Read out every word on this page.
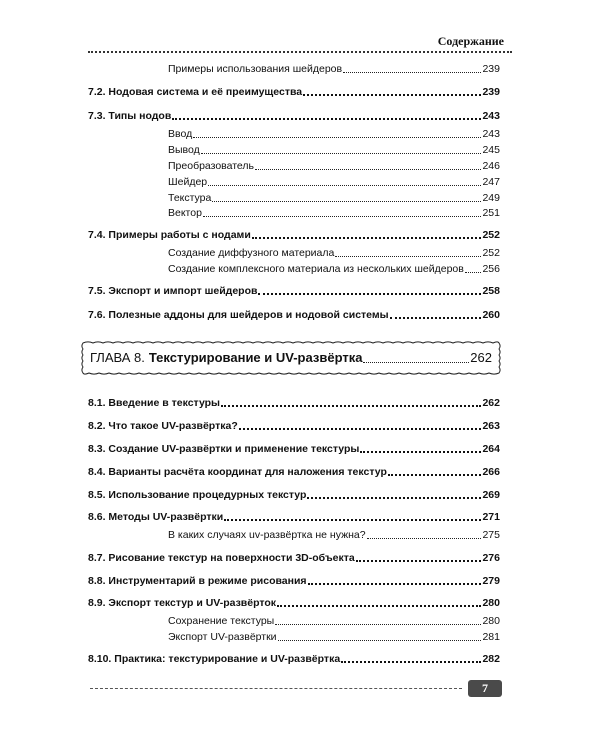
Содержание
Примеры использования шейдеров	239
7.2. Нодовая система и её преимущества	239
7.3. Типы нодов	243
Ввод	243
Вывод	245
Преобразователь	246
Шейдер	247
Текстура	249
Вектор	251
7.4. Примеры работы с нодами	252
Создание диффузного материала	252
Создание комплексного материала из нескольких шейдеров 256
7.5. Экспорт и импорт шейдеров	258
7.6. Полезные аддоны для шейдеров и нодовой системы	260
ГЛАВА 8. Текстурирование и UV-развёртка	262
8.1. Введение в текстуры	262
8.2. Что такое UV-развёртка?	263
8.3. Создание UV-развёртки и применение текстуры	264
8.4. Варианты расчёта координат для наложения текстур	266
8.5. Использование процедурных текстур	269
8.6. Методы UV-развёртки	271
В каких случаях uv-развёртка не нужна?	275
8.7. Рисование текстур на поверхности 3D-объекта	276
8.8. Инструментарий в режиме рисования	279
8.9. Экспорт текстур и UV-развёрток	280
Сохранение текстуры	280
Экспорт UV-развёртки	281
8.10. Практика: текстурирование и UV-развёртка	282
7
